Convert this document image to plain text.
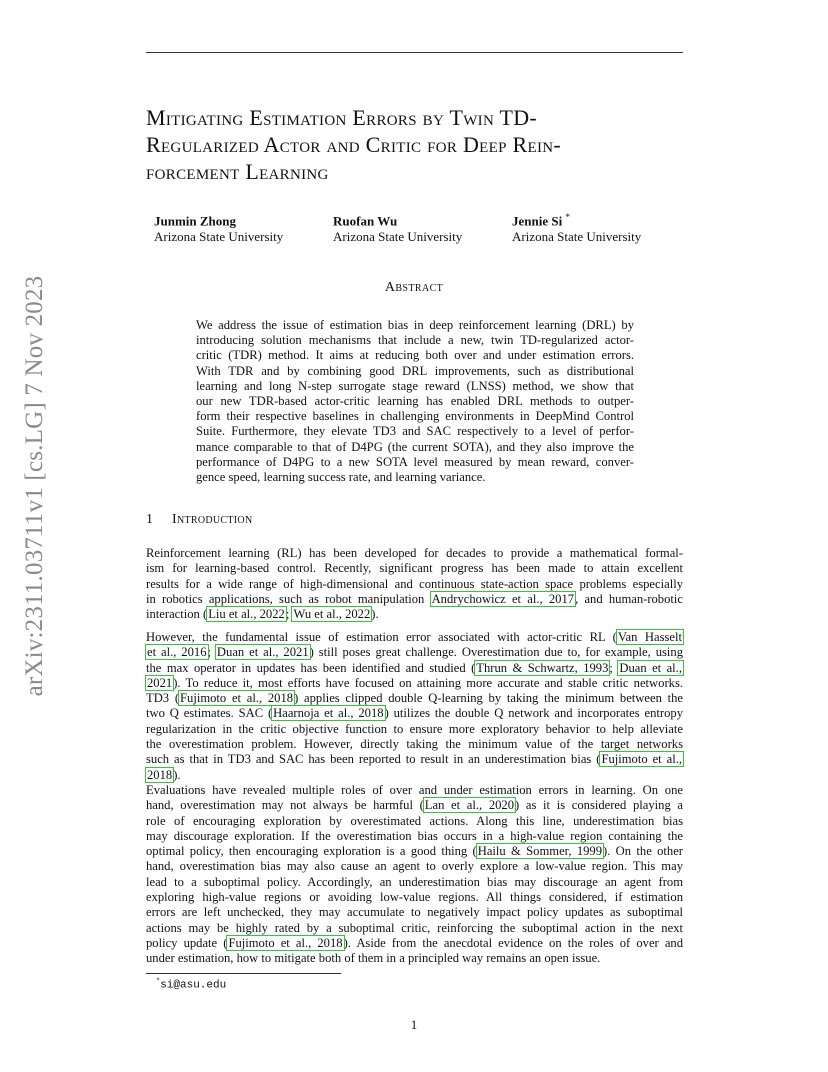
arXiv:2311.03711v1 [cs.LG] 7 Nov 2023
Mitigating Estimation Errors by Twin TD-
Regularized Actor and Critic for Deep Rein-
forcement Learning
Junmin Zhong
Arizona State University
Ruofan Wu
Arizona State University
Jennie Si *
Arizona State University
Abstract
We address the issue of estimation bias in deep reinforcement learning (DRL) by
introducing solution mechanisms that include a new, twin TD-regularized actor-
critic (TDR) method. It aims at reducing both over and under estimation errors.
With TDR and by combining good DRL improvements, such as distributional
learning and long N-step surrogate stage reward (LNSS) method, we show that
our new TDR-based actor-critic learning has enabled DRL methods to outper-
form their respective baselines in challenging environments in DeepMind Control
Suite. Furthermore, they elevate TD3 and SAC respectively to a level of perfor-
mance comparable to that of D4PG (the current SOTA), and they also improve the
performance of D4PG to a new SOTA level measured by mean reward, conver-
gence speed, learning success rate, and learning variance.
1 Introduction
Reinforcement learning (RL) has been developed for decades to provide a mathematical formal-
ism for learning-based control. Recently, significant progress has been made to attain excellent
results for a wide range of high-dimensional and continuous state-action space problems especially
in robotics applications, such as robot manipulation Andrychowicz et al., 2017, and human-robotic
interaction (Liu et al., 2022; Wu et al., 2022).
However, the fundamental issue of estimation error associated with actor-critic RL (Van Hasselt
et al., 2016; Duan et al., 2021) still poses great challenge. Overestimation due to, for example, using
the max operator in updates has been identified and studied (Thrun & Schwartz, 1993; Duan et al.,
2021). To reduce it, most efforts have focused on attaining more accurate and stable critic networks.
TD3 (Fujimoto et al., 2018) applies clipped double Q-learning by taking the minimum between the
two Q estimates. SAC (Haarnoja et al., 2018) utilizes the double Q network and incorporates entropy
regularization in the critic objective function to ensure more exploratory behavior to help alleviate
the overestimation problem. However, directly taking the minimum value of the target networks
such as that in TD3 and SAC has been reported to result in an underestimation bias (Fujimoto et al.,
2018).
Evaluations have revealed multiple roles of over and under estimation errors in learning. On one
hand, overestimation may not always be harmful (Lan et al., 2020) as it is considered playing a
role of encouraging exploration by overestimated actions. Along this line, underestimation bias
may discourage exploration. If the overestimation bias occurs in a high-value region containing the
optimal policy, then encouraging exploration is a good thing (Hailu & Sommer, 1999). On the other
hand, overestimation bias may also cause an agent to overly explore a low-value region. This may
lead to a suboptimal policy. Accordingly, an underestimation bias may discourage an agent from
exploring high-value regions or avoiding low-value regions. All things considered, if estimation
errors are left unchecked, they may accumulate to negatively impact policy updates as suboptimal
actions may be highly rated by a suboptimal critic, reinforcing the suboptimal action in the next
policy update (Fujimoto et al., 2018). Aside from the anecdotal evidence on the roles of over and
under estimation, how to mitigate both of them in a principled way remains an open issue.
*si@asu.edu
1
